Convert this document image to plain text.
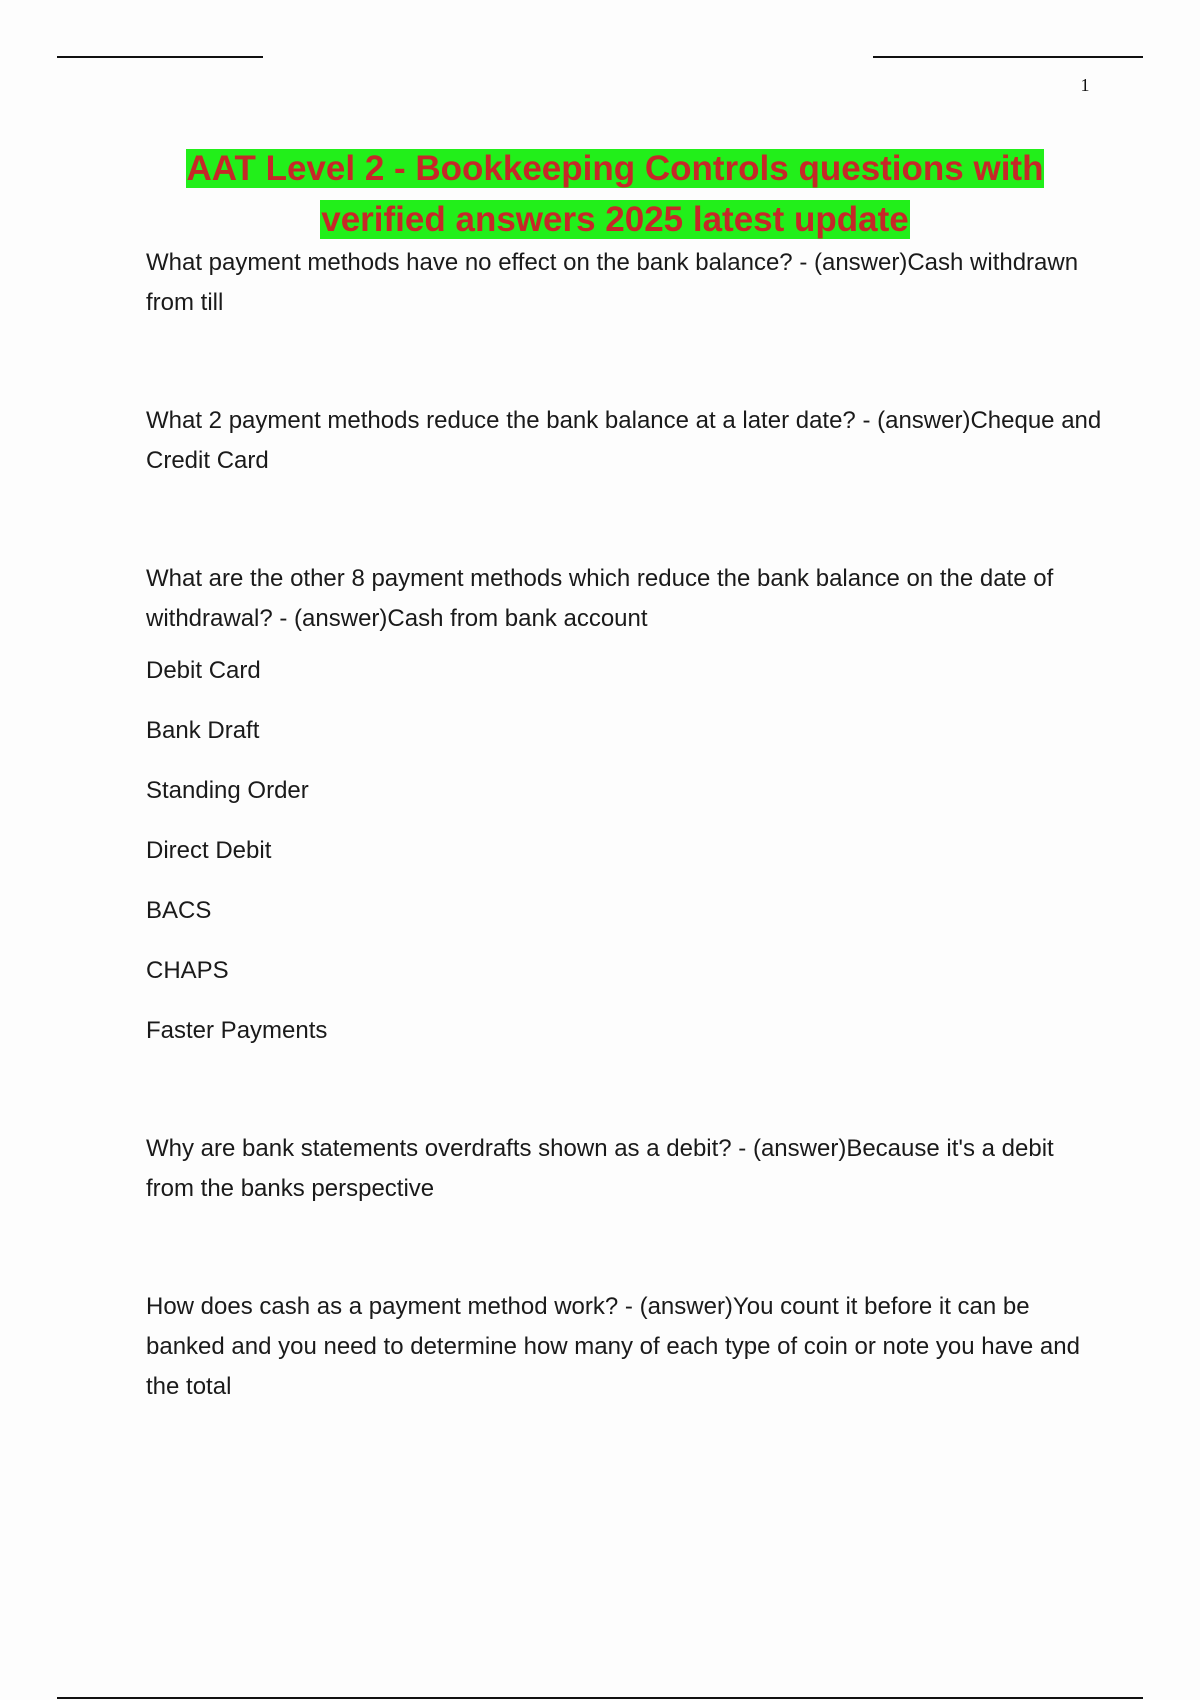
1
AAT Level 2 - Bookkeeping Controls questions with verified answers 2025 latest update

What payment methods have no effect on the bank balance? - (answer)Cash withdrawn from till

What 2 payment methods reduce the bank balance at a later date? - (answer)Cheque and Credit Card

What are the other 8 payment methods which reduce the bank balance on the date of withdrawal? - (answer)Cash from bank account

Debit Card
Bank Draft
Standing Order
Direct Debit
BACS
CHAPS
Faster Payments

Why are bank statements overdrafts shown as a debit? - (answer)Because it's a debit from the banks perspective

How does cash as a payment method work? - (answer)You count it before it can be banked and you need to determine how many of each type of coin or note you have and the total
